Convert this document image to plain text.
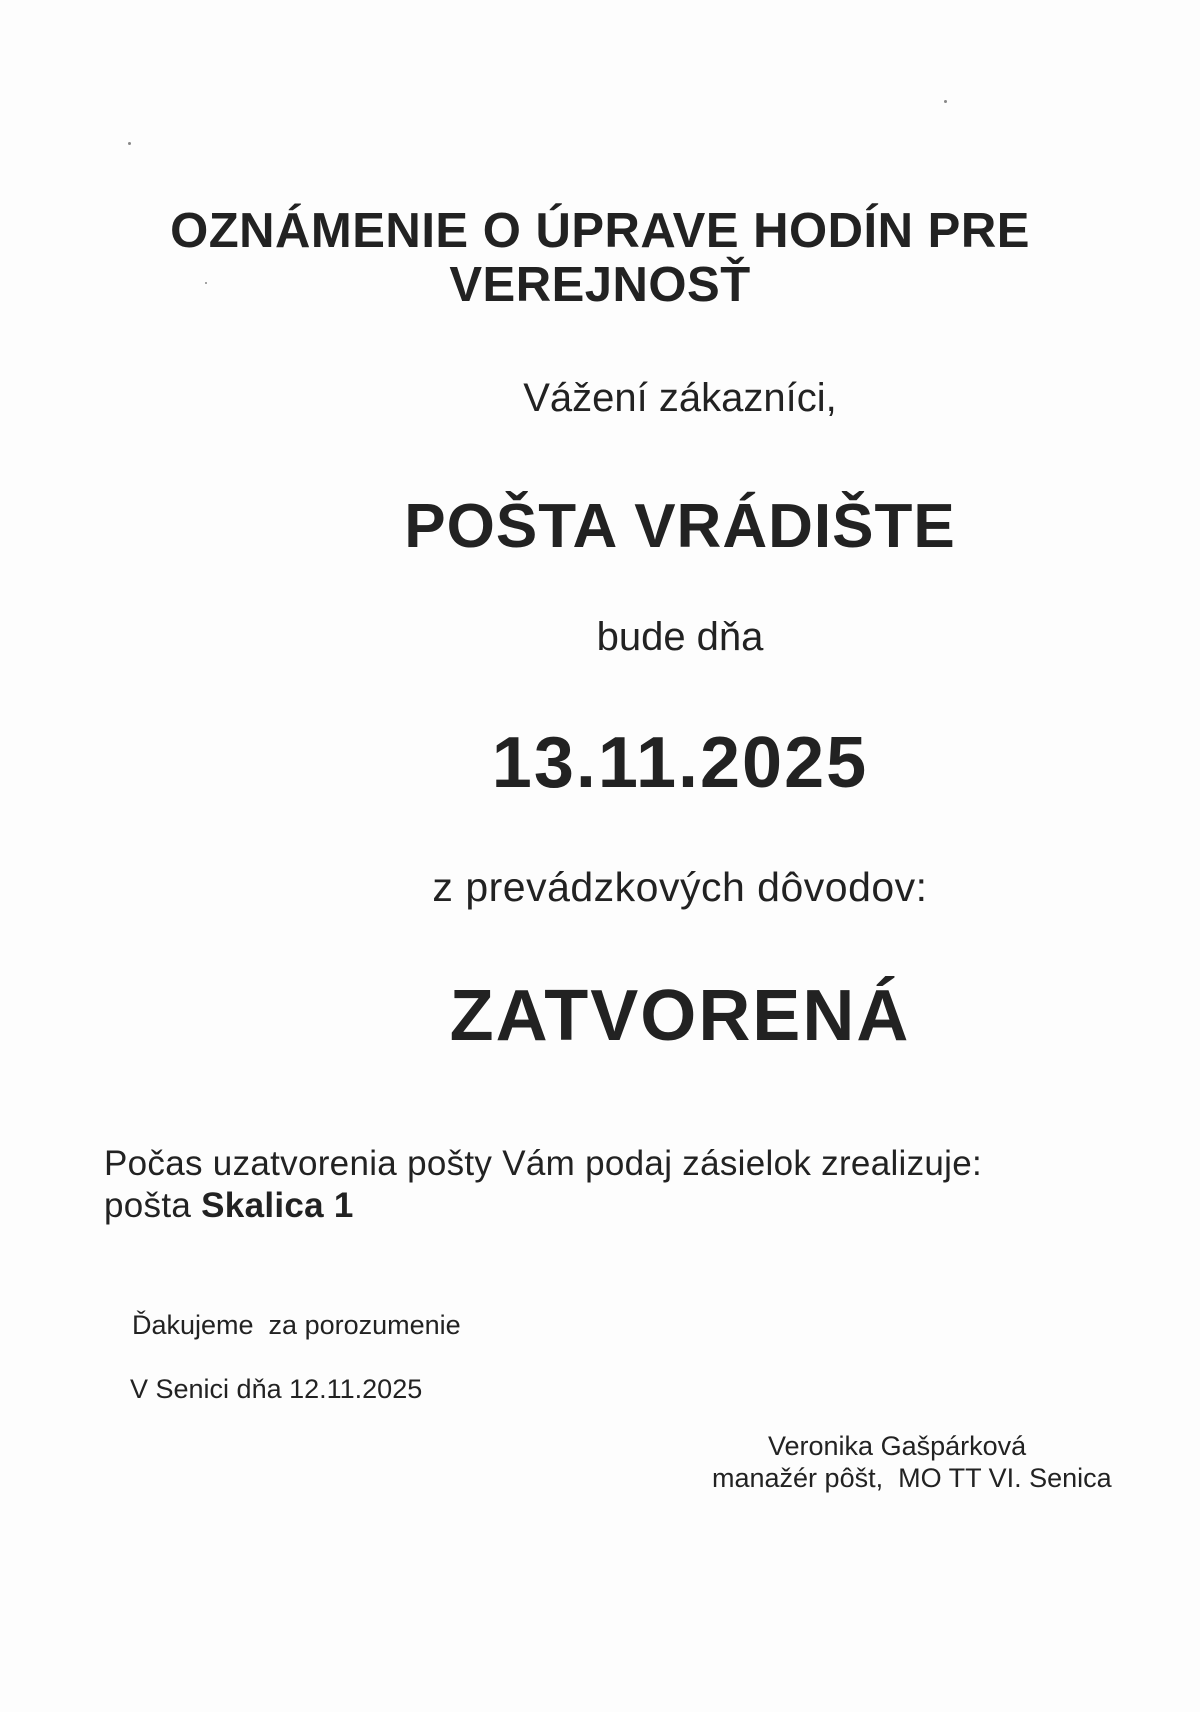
OZNÁMENIE O ÚPRAVE HODÍN PRE
VEREJNOSŤ

Vážení zákazníci,

POŠTA VRÁDIŠTE

bude dňa

13.11.2025

z prevádzkových dôvodov:

ZATVORENÁ

Počas uzatvorenia pošty Vám podaj zásielok zrealizuje:
pošta Skalica 1
Ďakujeme  za porozumenie
V Senici dňa 12.11.2025
Veronika Gašpárková
manažér pôšt,  MO TT VI. Senica
